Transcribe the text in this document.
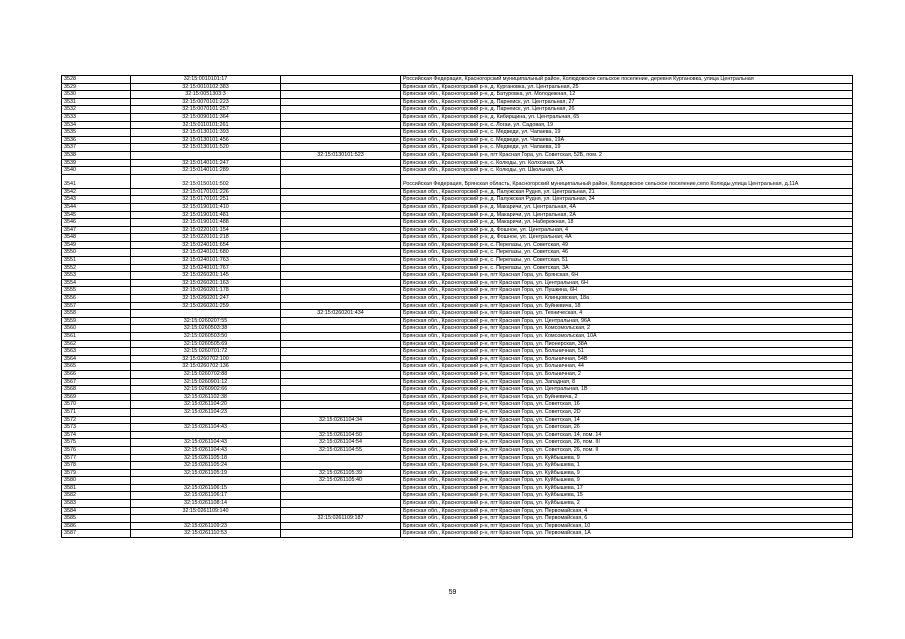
3528	32:15:0010101:17		Российская Федерация, Красногорский муниципальный район, Колюдовское сельское поселение, деревня Кургановка, улица Центральная
3529	32:15:0010102:383		Брянская обл., Красногорский р-н, д. Кургановка, ул. Центральная, 25
3530	32:15:0051303:3		Брянская обл., Красногорский р-н, д. Батуровка, ул. Молодежная, 12
3531	32:15:0070101:223		Брянская обл., Красногорский р-н, д. Парнеиск, ул. Центральная, 27
3532	32:15:0070101:257		Брянская обл., Красногорский р-н, д. Парнеиск, ул. Центральная, 26
3533	32:15:0090101:364		Брянская обл., Красногорский р-н, д. Кибирщина, ул. Центральная, 65
3534	32:15:0110101:261		Брянская обл., Красногорский р-н, с. Логаи, ул. Садовая, 19
3535	32:15:0130101:393		Брянская обл., Красногорский р-н, с. Медведи, ул. Чапаева, 19
3536	32:15:0130101:456		Брянская обл., Красногорский р-н, с. Медведи, ул. Чапаева, 19А
3537	32:15:0130101:520		Брянская обл., Красногорский р-н, с. Медведи, ул. Чапаева, 19
3538		32:15:0130101:523	Брянская обл., Красногорский р-н, пгт Красная Гора, ул. Советская, 52Б, пом. 2
3539	32:15:0140101:247		Брянская обл., Красногорский р-н, с. Колюды, ул. Колхозная, 2А
3540	32:15:0140101:289		Брянская обл., Красногорский р-н, с. Колюды, ул. Школьная, 1А
3541	32:15:0150101:502		Российская Федерация, Брянская область, Красногорский муниципальный район, Колюдовское сельское поселение,село Колюды,улица Центральная, д.11А
3542	32:15:0170101:226		Брянская обл., Красногорский р-н, д. Палужская Рудня, ул. Центральная, 21
3543	32:15:0170101:251		Брянская обл., Красногорский р-н, д. Палужская Рудня, ул. Центральная, 34
3544	32:15:0190101:410		Брянская обл., Красногорский р-н, д. Макаричи, ул. Центральная, 4А
3545	32:15:0190101:481		Брянская обл., Красногорский р-н, д. Макаричи, ул. Центральная, 2А
3546	32:15:0190101:488		Брянская обл., Красногорский р-н, д. Макаричи, ул. Набережная, 18
3547	32:15:0220101:154		Брянская обл., Красногорский р-н, д. Фошное, ул. Центральная, 4
3548	32:15:0220101:218		Брянская обл., Красногорский р-н, д. Фошное, ул. Центральная, 4А
3549	32:15:0240101:654		Брянская обл., Красногорский р-н, с. Перелазы, ул. Советская, 49
3550	32:15:0240101:680		Брянская обл., Красногорский р-н, с. Перелазы, ул. Советская, 46
3551	32:15:0240101:763		Брянская обл., Красногорский р-н, с. Перелазы, ул. Советская, 51
3552	32:15:0240101:767		Брянская обл., Красногорский р-н, с. Перелазы, ул. Советская, 3А
3553	32:15:0260201:145		Брянская обл., Красногорский р-н, пгт Красная Гора, ул. Брянская, 6Н
3554	32:15:0260201:163		Брянская обл., Красногорский р-н, пгт Красная Гора, ул. Центральная, 6Н
3555	32:15:0260201:178		Брянская обл., Красногорский р-н, пгт Красная Гора, ул. Пушкина, 6Н
3556	32:15:0260201:247		Брянская обл., Красногорский р-н, пгт Красная Гора, ул. Клинцовская, 18а
3557	32:15:0260201:259		Брянская обл., Красногорский р-н, пгт Красная Гора, ул. Буйневича, 18
3558		32:15:0260201:434	Брянская обл., Красногорский р-н, пгт Красная Гора, ул. Техническая, 4
3559	32:15:0260207:55		Брянская обл., Красногорский р-н, пгт Красная Гора, ул. Центральная, 96А
3560	32:15:0260503:38		Брянская обл., Красногорский р-н, пгт Красная Гора, ул. Комсомольская, 2
3561	32:15:0260503:50		Брянская обл., Красногорский р-н, пгт Красная Гора, ул. Комсомольская, 10А
3562	32:15:0260505:69		Брянская обл., Красногорский р-н, пгт Красная Гора, ул. Пионерская, 38А
3563	32:15:0260701:72		Брянская обл., Красногорский р-н, пгт Красная Гора, ул. Больничная, 51
3564	32:15:0260702:100		Брянская обл., Красногорский р-н, пгт Красная Гора, ул. Больничная, 54В
3565	32:15:0260702:136		Брянская обл., Красногорский р-н, пгт Красная Гора, ул. Больничная, 44
3566	32:15:0260702:88		Брянская обл., Красногорский р-н, пгт Красная Гора, ул. Больничная, 2
3567	32:15:0260901:12		Брянская обл., Красногорский р-н, пгт Красная Гора, ул. Западная, 8
3568	32:15:0260902:66		Брянская обл., Красногорский р-н, пгт Красная Гора, ул. Центральная, 1В
3569	32:15:0261102:38		Брянская обл., Красногорский р-н, пгт Красная Гора, ул. Буйневича, 2
3570	32:15:0261104:20		Брянская обл., Красногорский р-н, пгт Красная Гора, ул. Советская, 16
3571	32:15:0261104:23		Брянская обл., Красногорский р-н, пгт Красная Гора, ул. Советская, 2D
3572		32:15:0261104:34	Брянская обл., Красногорский р-н, пгт Красная Гора, ул. Советская, 14
3573	32:15:0261104:43		Брянская обл., Красногорский р-н, пгт Красная Гора, ул. Советская, 26
3574		32:15:0261104:50	Брянская обл., Красногорский р-н, пгт Красная Гора, ул. Советская, 14, пом. 14
3575	32:15:0261104:43	32:15:0261104:54	Брянская обл., Красногорский р-н, пгт Красная Гора, ул. Советская, 26, пом. III
3576	32:15:0261104:43	32:15:0261104:55	Брянская обл., Красногорский р-н, пгт Красная Гора, ул. Советская, 26, пом. II
3577	32:15:0261105:18		Брянская обл., Красногорский р-н, пгт Красная Гора, ул. Куйбышева, 9
3578	32:15:0261105:24		Брянская обл., Красногорский р-н, пгт Красная Гора, ул. Куйбышева, 1
3579	32:15:0261105:19	32:15:0261105:39	Брянская обл., Красногорский р-н, пгт Красная Гора, ул. Куйбышева, 9
3580		32:15:0261105:40	Брянская обл., Красногорский р-н, пгт Красная Гора, ул. Куйбышева, 9
3581	32:15:0261106:15		Брянская обл., Красногорский р-н, пгт Красная Гора, ул. Куйбышева, 17
3582	32:15:0261106:17		Брянская обл., Красногорский р-н, пгт Красная Гора, ул. Куйбышева, 15
3583	32:15:0261108:14		Брянская обл., Красногорский р-н, пгт Красная Гора, ул. Куйбышева, 2
3584	32:15:0261109:140		Брянская обл., Красногорский р-н, пгт Красная Гора, ул. Первомайская, 4
3585		32:15:0261109:187	Брянская обл., Красногорский р-н, пгт Красная Гора, ул. Первомайская, 6
3586	32:15:0261109:23		Брянская обл., Красногорский р-н, пгт Красная Гора, ул. Первомайская, 10
3587	32:15:0261110:53		Брянская обл., Красногорский р-н, пгт Красная Гора, ул. Первомайская, 1А
59
